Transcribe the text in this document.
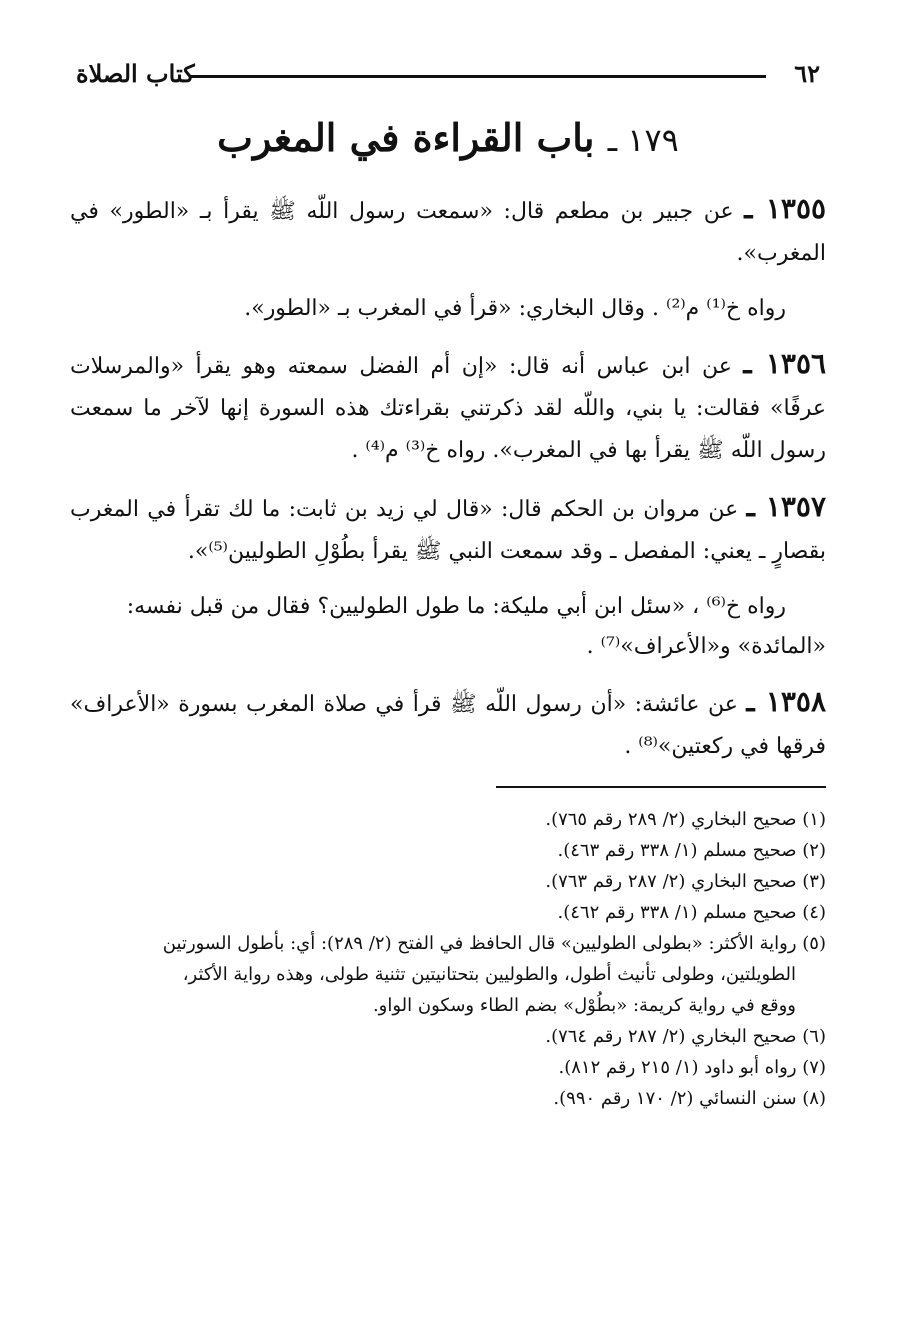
٦٢
كتاب الصلاة
١٧٩ ـ باب القراءة في المغرب

١٣٥٥ ـ عن جبير بن مطعم قال: «سمعت رسول اللّه ﷺ يقرأ بـ «الطور» في المغرب».

رواه خ⁽¹⁾ م⁽²⁾ . وقال البخاري: «قرأ في المغرب بـ «الطور».

١٣٥٦ ـ عن ابن عباس أنه قال: «إن أم الفضل سمعته وهو يقرأ «والمرسلات عرفًا» فقالت: يا بني، واللّه لقد ذكرتني بقراءتك هذه السورة إنها لآخر ما سمعت رسول اللّه ﷺ يقرأ بها في المغرب». رواه خ⁽³⁾ م⁽⁴⁾ .

١٣٥٧ ـ عن مروان بن الحكم قال: «قال لي زيد بن ثابت: ما لك تقرأ في المغرب بقصارٍ ـ يعني: المفصل ـ وقد سمعت النبي ﷺ يقرأ بطُوْلِ الطوليين⁽⁵⁾».

رواه خ⁽⁶⁾ ، «سئل ابن أبي مليكة: ما طول الطوليين؟ فقال من قبل نفسه:

«المائدة» و«الأعراف»⁽⁷⁾ .

١٣٥٨ ـ عن عائشة: «أن رسول اللّه ﷺ قرأ في صلاة المغرب بسورة «الأعراف» فرقها في ركعتين»⁽⁸⁾ .

(١) صحيح البخاري (٢/ ٢٨٩ رقم ٧٦٥).
(٢) صحيح مسلم (١/ ٣٣٨ رقم ٤٦٣).
(٣) صحيح البخاري (٢/ ٢٨٧ رقم ٧٦٣).
(٤) صحيح مسلم (١/ ٣٣٨ رقم ٤٦٢).
(٥) رواية الأكثر: «بطولى الطوليين» قال الحافظ في الفتح (٢/ ٢٨٩): أي: بأطول السورتين
الطويلتين، وطولى تأنيث أطول، والطوليين بتحتانيتين تثنية طولى، وهذه رواية الأكثر،
ووقع في رواية كريمة: «بطُوْل» بضم الطاء وسكون الواو.
(٦) صحيح البخاري (٢/ ٢٨٧ رقم ٧٦٤).
(٧) رواه أبو داود (١/ ٢١٥ رقم ٨١٢).
(٨) سنن النسائي (٢/ ١٧٠ رقم ٩٩٠).
